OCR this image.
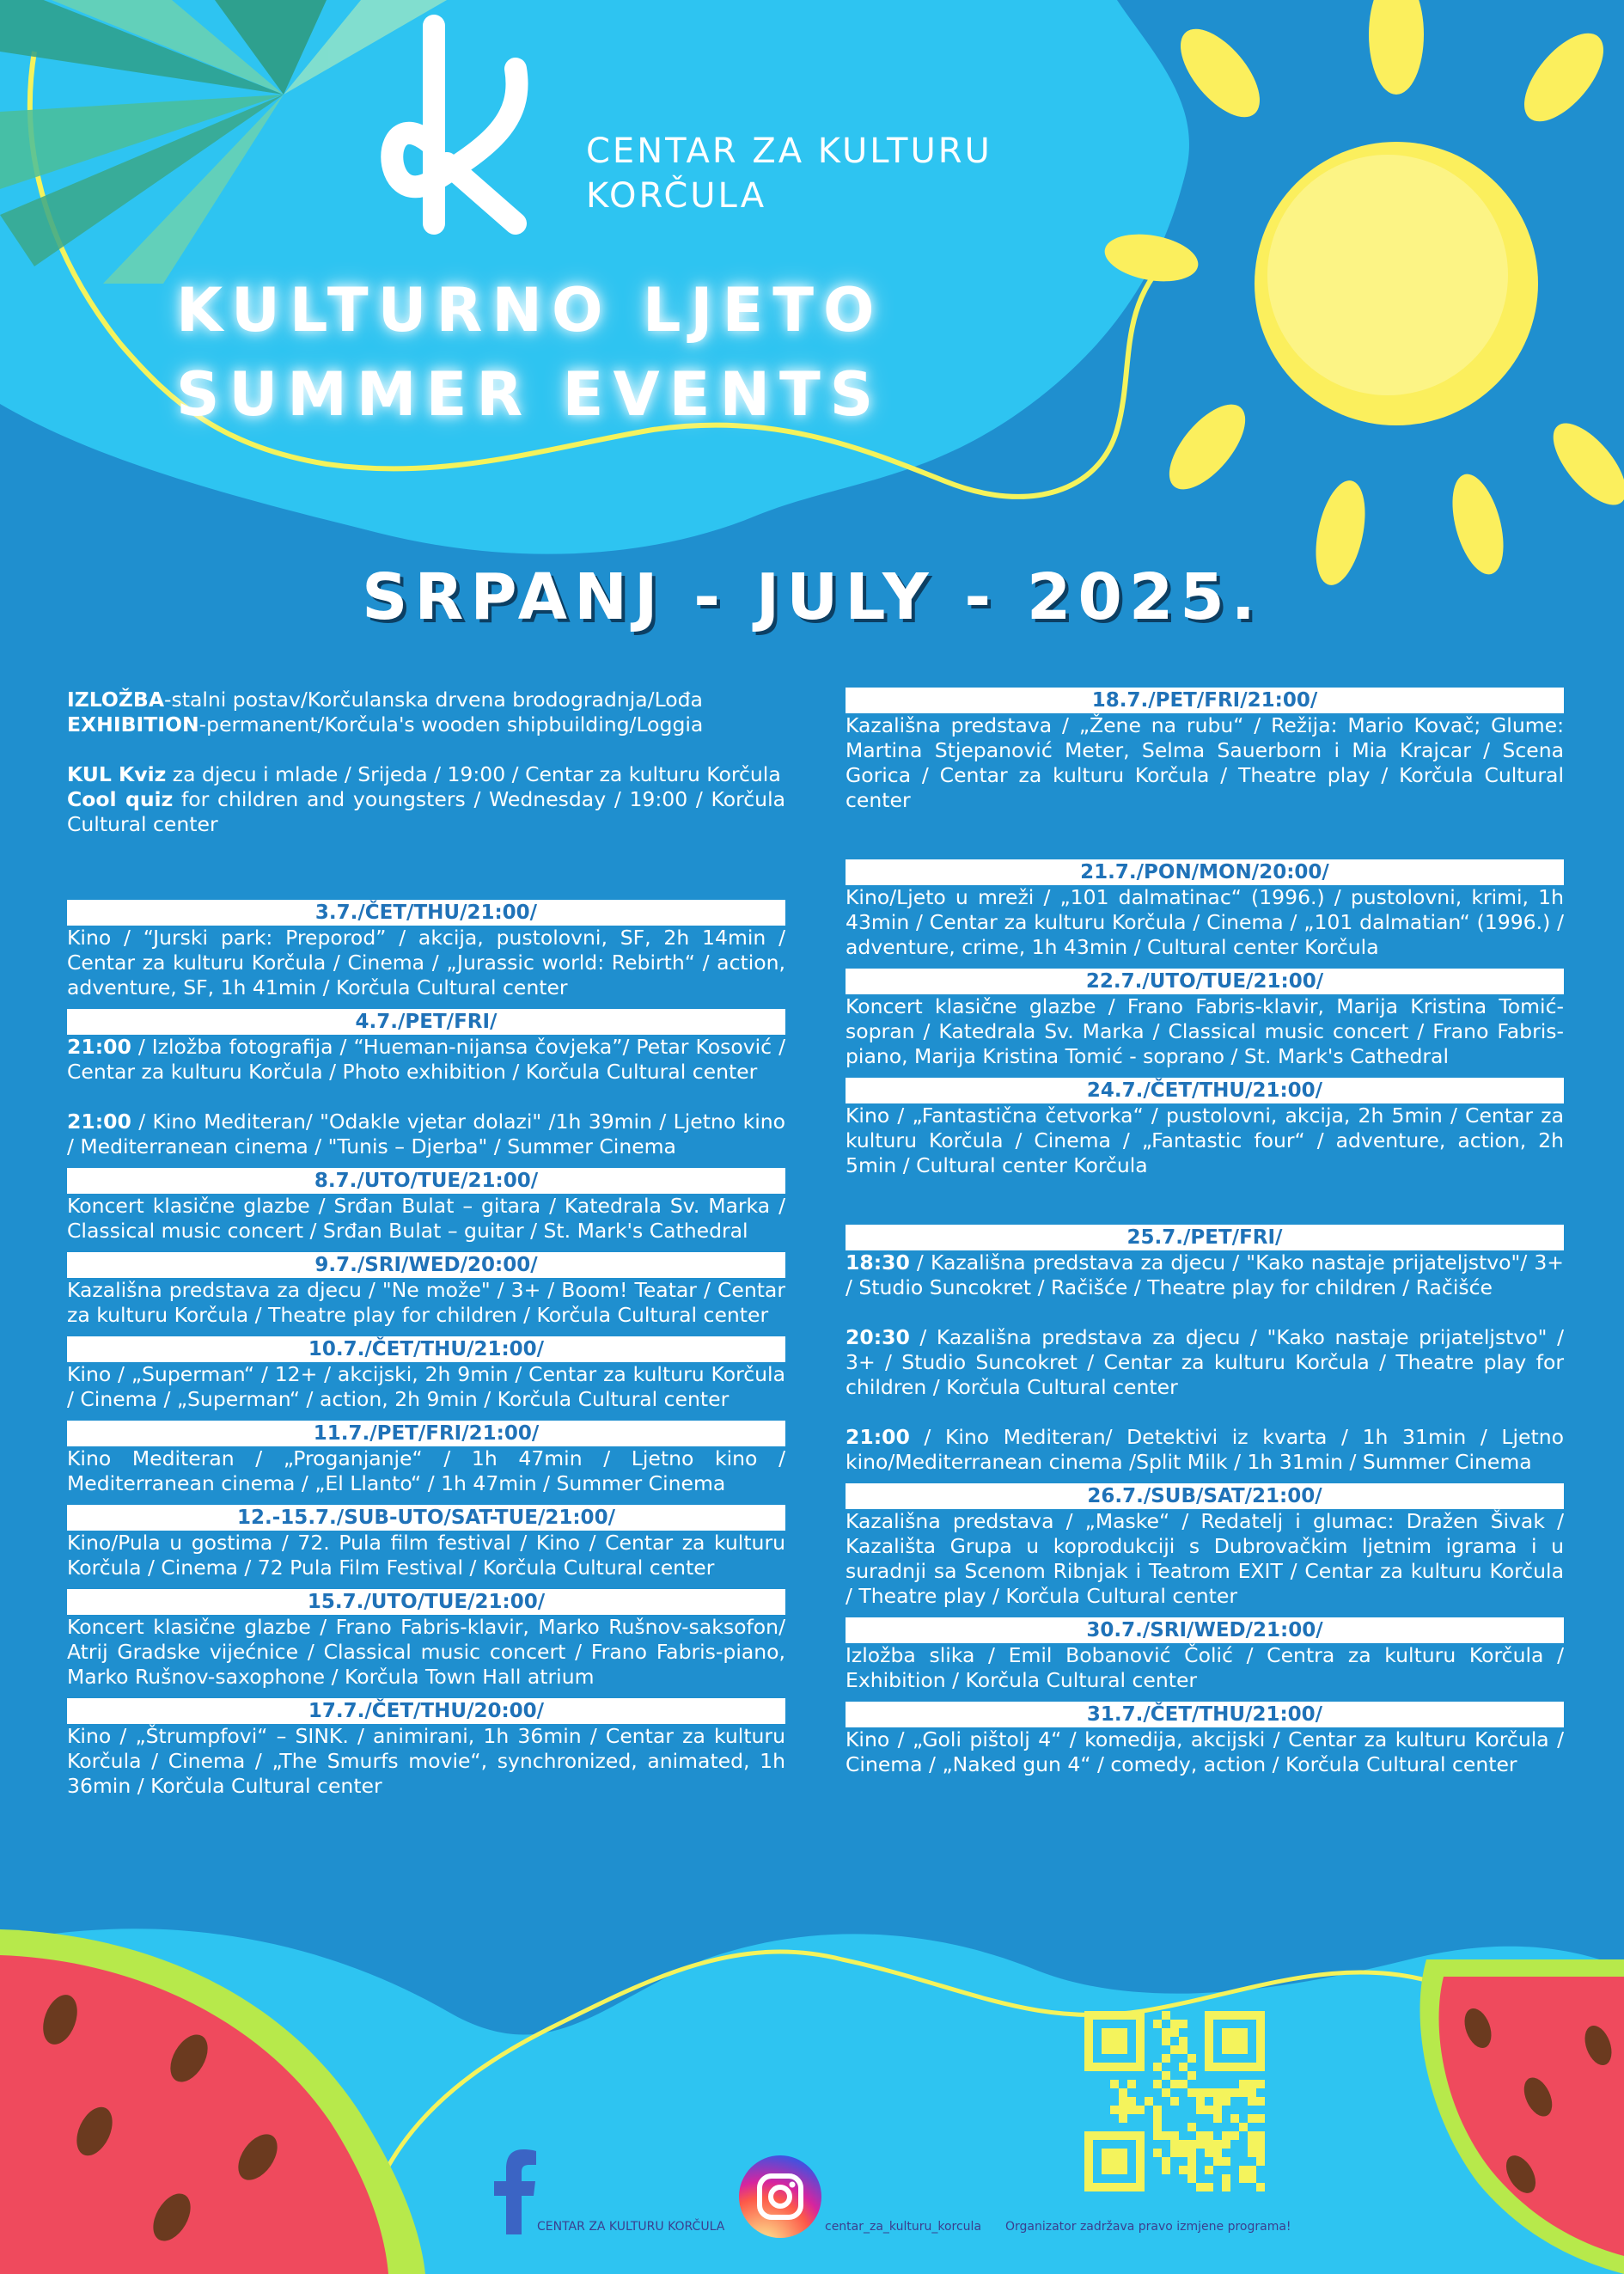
CENTAR ZA KULTURU
KORČULA
KULTURNO LJETO
SUMMER EVENTS
SRPANJ - JULY - 2025.

IZLOŽBA-stalni postav/Korčulanska drvena brodogradnja/Lođa

EXHIBITION-permanent/Korčula's wooden shipbuilding/Loggia

KUL Kviz za djecu i mlade / Srijeda / 19:00 / Centar za kulturu Korčula

Cool quiz for children and youngsters / Wednesday / 19:00 / Korčula Cultural center

3.7./ČET/THU/21:00/

Kino / “Jurski park: Preporod” / akcija, pustolovni, SF, 2h 14min / Centar za kulturu Korčula / Cinema / „Jurassic world: Rebirth“ / action, adventure, SF, 1h 41min / Korčula Cultural center

4.7./PET/FRI/

21:00 / Izložba fotografija / “Hueman-nijansa čovjeka”/ Petar Kosović / Centar za kulturu Korčula / Photo exhibition / Korčula Cultural center

21:00 / Kino Mediteran/ "Odakle vjetar dolazi" /1h 39min / Ljetno kino / Mediterranean cinema / "Tunis – Djerba" / Summer Cinema

8.7./UTO/TUE/21:00/

Koncert klasične glazbe / Srđan Bulat – gitara / Katedrala Sv. Marka / Classical music concert / Srđan Bulat – guitar / St. Mark's Cathedral

9.7./SRI/WED/20:00/

Kazališna predstava za djecu / "Ne može" / 3+ / Boom! Teatar / Centar za kulturu Korčula / Theatre play for children / Korčula Cultural center

10.7./ČET/THU/21:00/

Kino / „Superman“ / 12+ / akcijski, 2h 9min / Centar za kulturu Korčula / Cinema / „Superman“ / action, 2h 9min / Korčula Cultural center

11.7./PET/FRI/21:00/

Kino Mediteran / „Proganjanje“ / 1h 47min / Ljetno kino / Mediterranean cinema / „El Llanto“ / 1h 47min / Summer Cinema

12.-15.7./SUB-UTO/SAT-TUE/21:00/

Kino/Pula u gostima / 72. Pula film festival / Kino / Centar za kulturu Korčula / Cinema / 72 Pula Film Festival / Korčula Cultural center

15.7./UTO/TUE/21:00/

Koncert klasične glazbe / Frano Fabris-klavir, Marko Rušnov-saksofon/ Atrij Gradske vijećnice / Classical music concert / Frano Fabris-piano, Marko Rušnov-saxophone / Korčula Town Hall atrium

17.7./ČET/THU/20:00/

Kino / „Štrumpfovi“ – SINK. / animirani, 1h 36min / Centar za kulturu Korčula / Cinema / „The Smurfs movie“, synchronized, animated, 1h 36min / Korčula Cultural center

18.7./PET/FRI/21:00/

Kazališna predstava / „Žene na rubu“ / Režija: Mario Kovač; Glume: Martina Stjepanović Meter, Selma Sauerborn i Mia Krajcar / Scena Gorica / Centar za kulturu Korčula / Theatre play / Korčula Cultural center

21.7./PON/MON/20:00/

Kino/Ljeto u mreži / „101 dalmatinac“ (1996.) / pustolovni, krimi, 1h 43min / Centar za kulturu Korčula / Cinema / „101 dalmatian“ (1996.) / adventure, crime, 1h 43min / Cultural center Korčula

22.7./UTO/TUE/21:00/

Koncert klasične glazbe / Frano Fabris-klavir, Marija Kristina Tomić-sopran / Katedrala Sv. Marka / Classical music concert / Frano Fabris-piano, Marija Kristina Tomić - soprano / St. Mark's Cathedral

24.7./ČET/THU/21:00/

Kino / „Fantastična četvorka“ / pustolovni, akcija, 2h 5min / Centar za kulturu Korčula / Cinema / „Fantastic four“ / adventure, action, 2h 5min / Cultural center Korčula

25.7./PET/FRI/

18:30 / Kazališna predstava za djecu / "Kako nastaje prijateljstvo"/ 3+ / Studio Suncokret / Račišće / Theatre play for children / Račišće

20:30 / Kazališna predstava za djecu / "Kako nastaje prijateljstvo" / 3+ / Studio Suncokret / Centar za kulturu Korčula / Theatre play for children / Korčula Cultural center

21:00 / Kino Mediteran/ Detektivi iz kvarta / 1h 31min / Ljetno kino/Mediterranean cinema /Split Milk / 1h 31min / Summer Cinema

26.7./SUB/SAT/21:00/

Kazališna predstava / „Maske“ / Redatelj i glumac: Dražen Šivak / Kazališta Grupa u koprodukciji s Dubrovačkim ljetnim igrama i u suradnji sa Scenom Ribnjak i Teatrom EXIT / Centar za kulturu Korčula / Theatre play / Korčula Cultural center

30.7./SRI/WED/21:00/

Izložba slika / Emil Bobanović Čolić / Centra za kulturu Korčula / Exhibition / Korčula Cultural center

31.7./ČET/THU/21:00/

Kino / „Goli pištolj 4“ / komedija, akcijski / Centar za kulturu Korčula / Cinema / „Naked gun 4“ / comedy, action / Korčula Cultural center

CENTAR ZA KULTURU KORČULA	centar_za_kulturu_korcula Organizator zadržava pravo izmjene programa!
